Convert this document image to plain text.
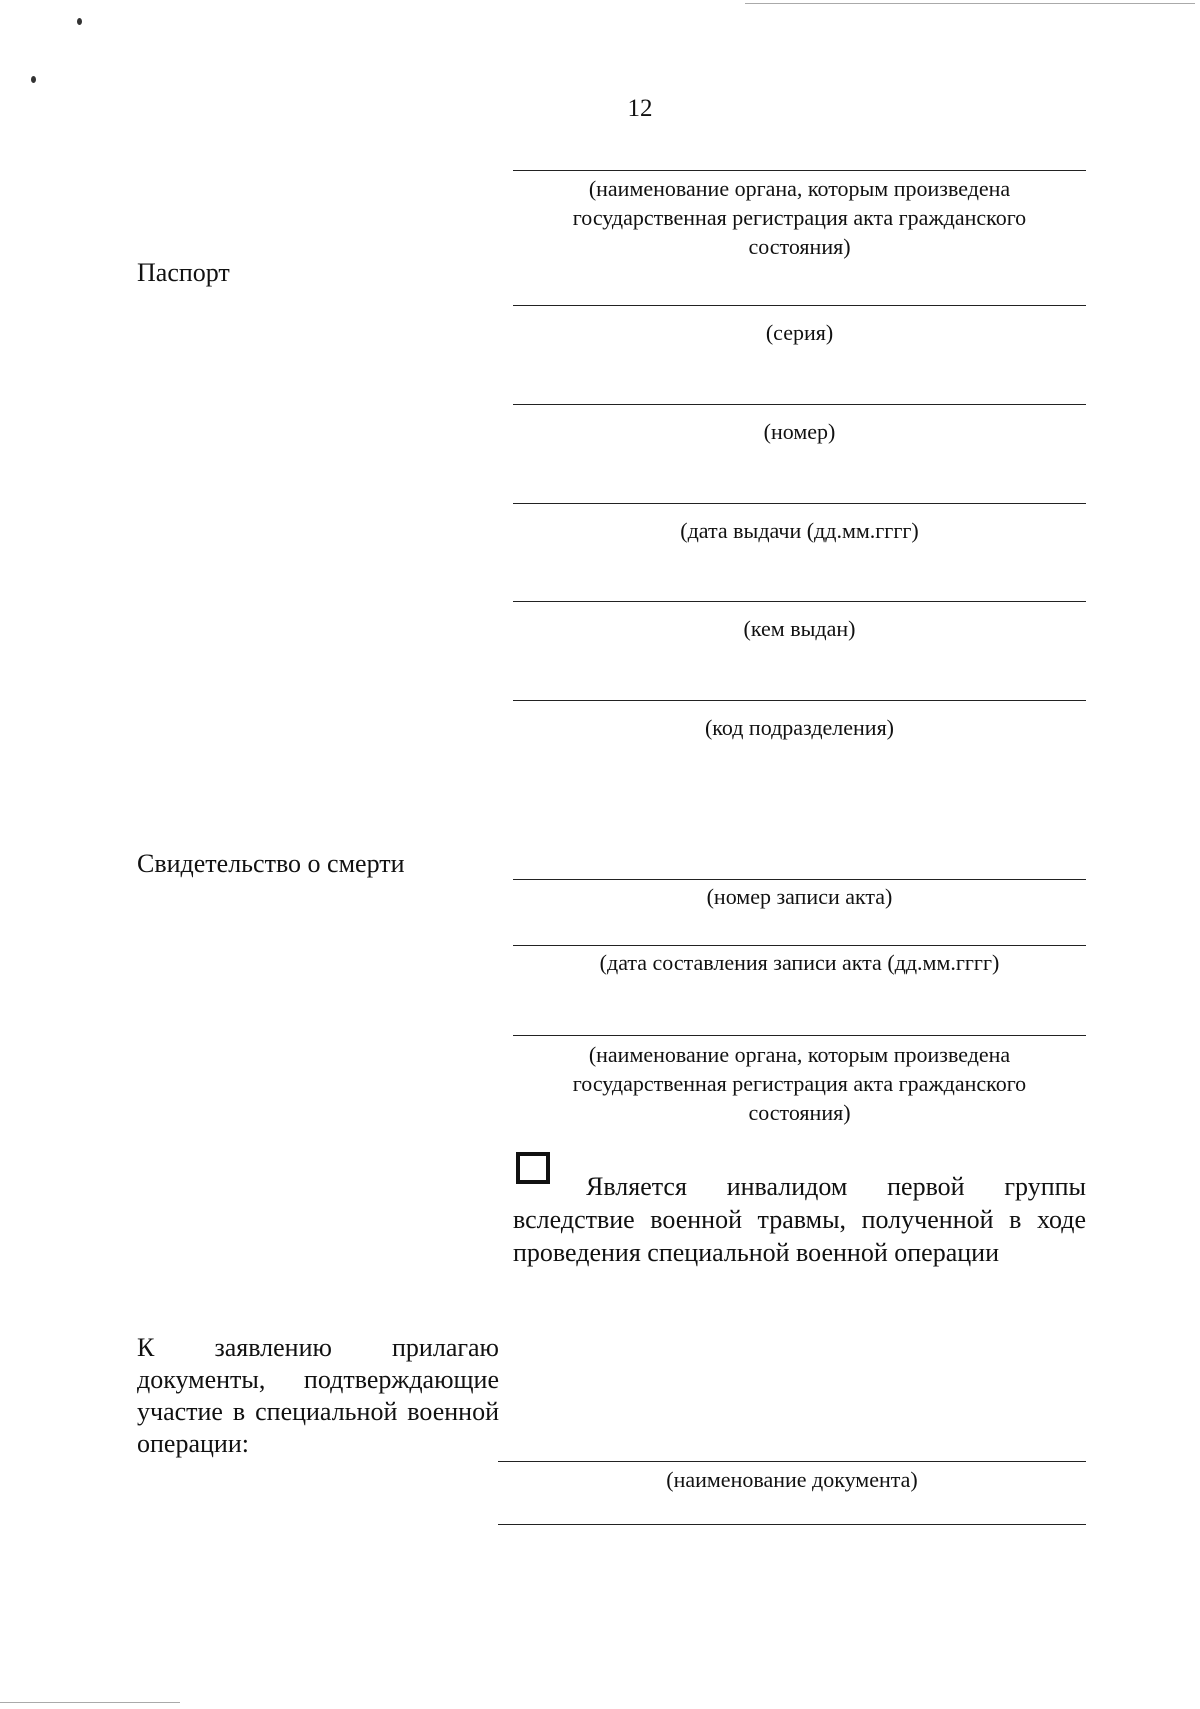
12
(наименование органа, которым произведена государственная регистрация акта гражданского состояния)
Паспорт
(серия)
(номер)
(дата выдачи (дд.мм.гггг)
(кем выдан)
(код подразделения)
Свидетельство о смерти
(номер записи акта)
(дата составления записи акта (дд.мм.гггг)
(наименование органа, которым произведена государственная регистрация акта гражданского состояния)
Является инвалидом первой группы вследствие военной травмы, полученной в ходе проведения специальной военной операции
К заявлению прилагаю документы, подтверждающие участие в специальной военной операции:
(наименование документа)
